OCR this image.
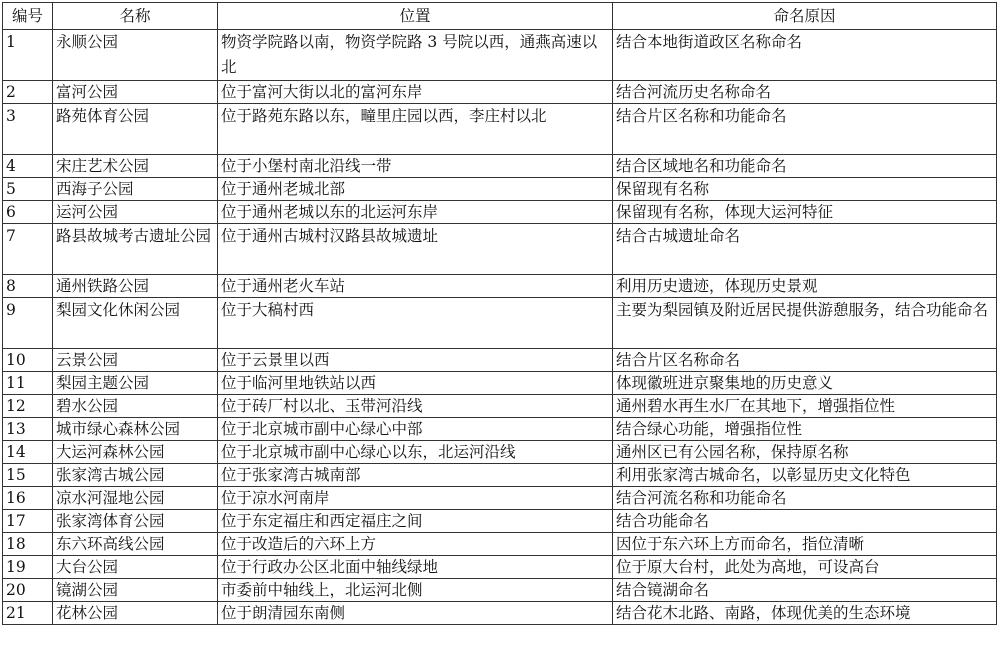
编号	名称	位置	命名原因
1	永顺公园	物资学院路以南，物资学院路 3 号院以西，通燕高速以北	结合本地街道政区名称命名
2	富河公园	位于富河大街以北的富河东岸	结合河流历史名称命名
3	路苑体育公园	位于路苑东路以东，疃里庄园以西，李庄村以北	结合片区名称和功能命名
4	宋庄艺术公园	位于小堡村南北沿线一带	结合区域地名和功能命名
5	西海子公园	位于通州老城北部	保留现有名称
6	运河公园	位于通州老城以东的北运河东岸	保留现有名称，体现大运河特征
7	路县故城考古遗址公园	位于通州古城村汉路县故城遗址	结合古城遗址命名
8	通州铁路公园	位于通州老火车站	利用历史遗迹，体现历史景观
9	梨园文化休闲公园	位于大稿村西	主要为梨园镇及附近居民提供游憩服务，结合功能命名
10	云景公园	位于云景里以西	结合片区名称命名
11	梨园主题公园	位于临河里地铁站以西	体现徽班进京聚集地的历史意义
12	碧水公园	位于砖厂村以北、玉带河沿线	通州碧水再生水厂在其地下，增强指位性
13	城市绿心森林公园	位于北京城市副中心绿心中部	结合绿心功能，增强指位性
14	大运河森林公园	位于北京城市副中心绿心以东，北运河沿线	通州区已有公园名称，保持原名称
15	张家湾古城公园	位于张家湾古城南部	利用张家湾古城命名，以彰显历史文化特色
16	凉水河湿地公园	位于凉水河南岸	结合河流名称和功能命名
17	张家湾体育公园	位于东定福庄和西定福庄之间	结合功能命名
18	东六环高线公园	位于改造后的六环上方	因位于东六环上方而命名，指位清晰
19	大台公园	位于行政办公区北面中轴线绿地	位于原大台村，此处为高地，可设高台
20	镜湖公园	市委前中轴线上，北运河北侧	结合镜湖命名
21	花林公园	位于朗清园东南侧	结合花木北路、南路，体现优美的生态环境
